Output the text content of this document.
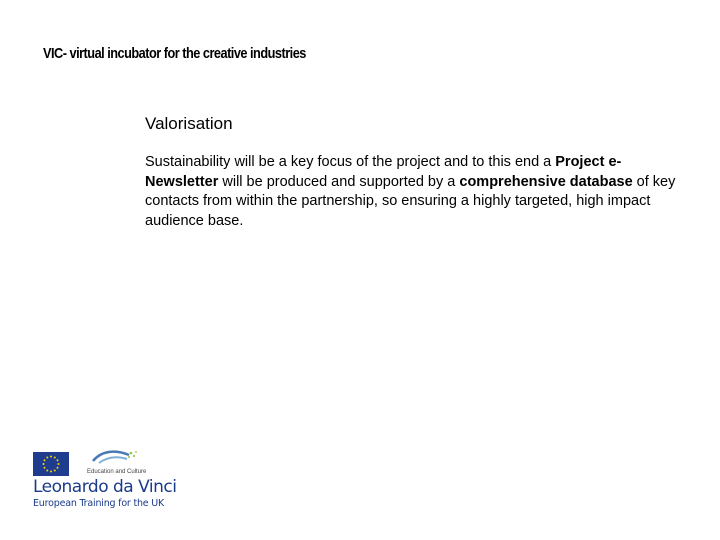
VIC- virtual incubator for the creative industries
Valorisation
Sustainability will be a key focus of the project and to this end a Project e-Newsletter will be produced and supported by a comprehensive database of key contacts from within the partnership, so ensuring a highly targeted, high impact audience base.
Education and Culture
Leonardo da Vinci
European Training for the UK
